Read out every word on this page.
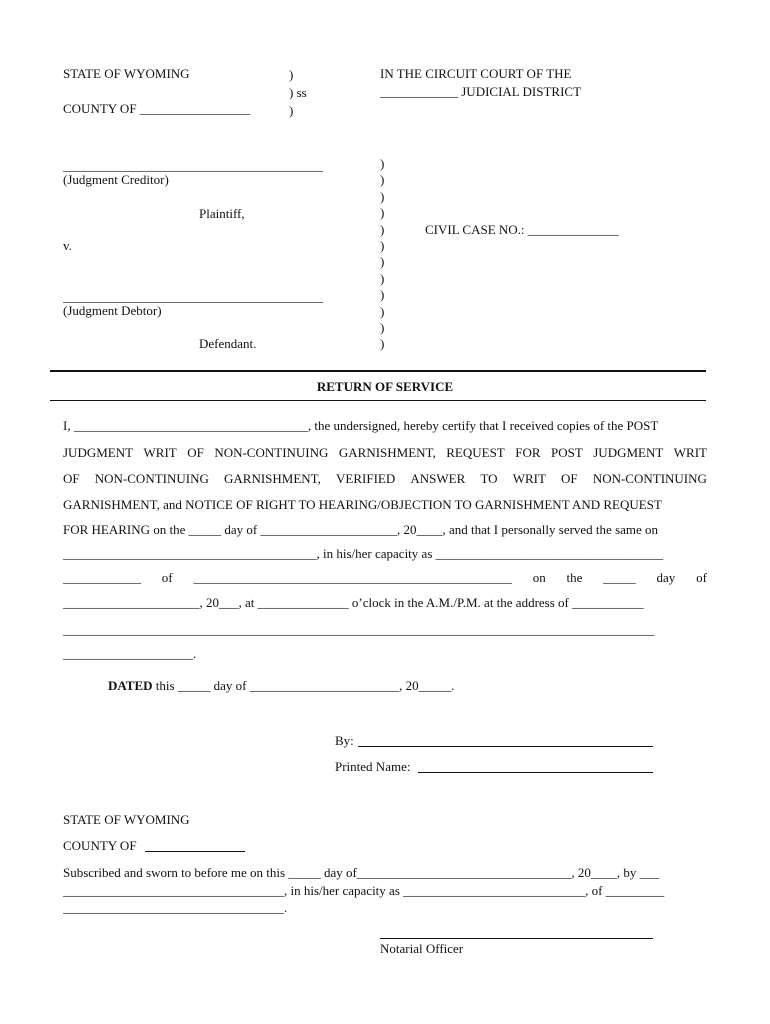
STATE OF WYOMING
COUNTY OF _________________
)
) ss
)
IN THE CIRCUIT COURT OF THE
____________ JUDICIAL DISTRICT
________________________________________
(Judgment Creditor)
Plaintiff,
v.
________________________________________
(Judgment Debtor)
Defendant.
)
)
)
)
)
)
)
)
)
)
)
)
CIVIL CASE NO.: ______________
RETURN OF SERVICE
I, ____________________________________, the undersigned, hereby certify that I received copies of the POST
JUDGMENT WRIT OF NON-CONTINUING GARNISHMENT, REQUEST FOR POST JUDGMENT WRIT
OF NON-CONTINUING GARNISHMENT, VERIFIED ANSWER TO WRIT OF NON-CONTINUING
GARNISHMENT, and NOTICE OF RIGHT TO HEARING/OBJECTION TO GARNISHMENT AND REQUEST
FOR HEARING on the _____ day of _____________________, 20____, and that I personally served the same on
_______________________________________, in his/her capacity as ___________________________________
____________ of _________________________________________________ on the _____ day of
_____________________, 20___, at ______________ o’clock in the A.M./P.M. at the address of ___________
___________________________________________________________________________________________
____________________.
DATED this _____ day of _______________________, 20_____.
By:
Printed Name:
STATE OF WYOMING
COUNTY OF
Subscribed and sworn to before me on this _____ day of_________________________________, 20____, by ___
__________________________________, in his/her capacity as ____________________________, of _________
__________________________________.
Notarial Officer
